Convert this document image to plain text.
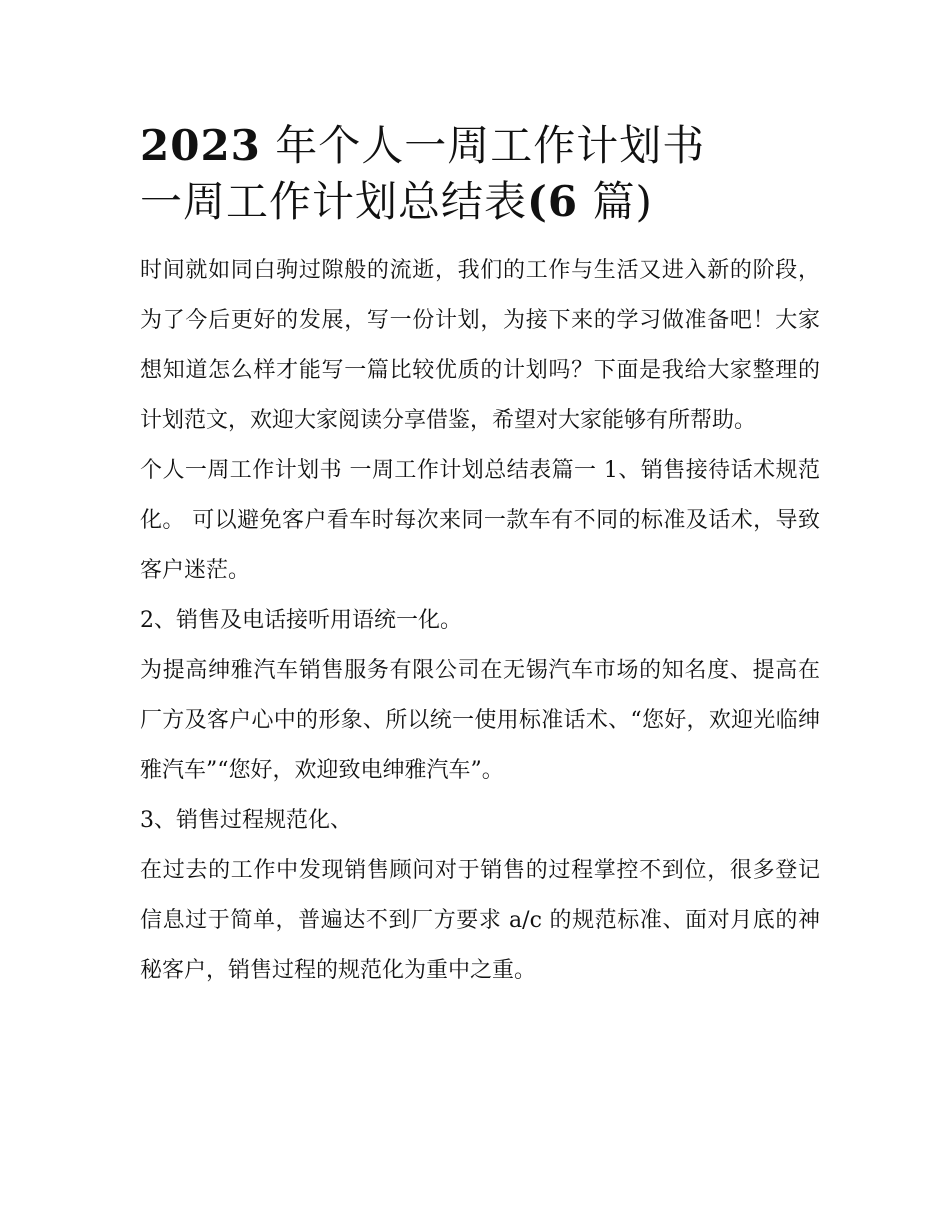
2023 年个人一周工作计划书
一周工作计划总结表(6 篇)

时间就如同白驹过隙般的流逝，我们的工作与生活又进入新的阶段，为了今后更好的发展，写一份计划，为接下来的学习做准备吧！大家想知道怎么样才能写一篇比较优质的计划吗？下面是我给大家整理的计划范文，欢迎大家阅读分享借鉴，希望对大家能够有所帮助。

个人一周工作计划书 一周工作计划总结表篇一 1、销售接待话术规范化。 可以避免客户看车时每次来同一款车有不同的标准及话术，导致客户迷茫。

2、销售及电话接听用语统一化。

为提高绅雅汽车销售服务有限公司在无锡汽车市场的知名度、提高在厂方及客户心中的形象、所以统一使用标准话术、“您好，欢迎光临绅雅汽车”“您好，欢迎致电绅雅汽车”。

3、销售过程规范化、

在过去的工作中发现销售顾问对于销售的过程掌控不到位，很多登记信息过于简单，普遍达不到厂方要求 a/c 的规范标准、面对月底的神秘客户，销售过程的规范化为重中之重。
